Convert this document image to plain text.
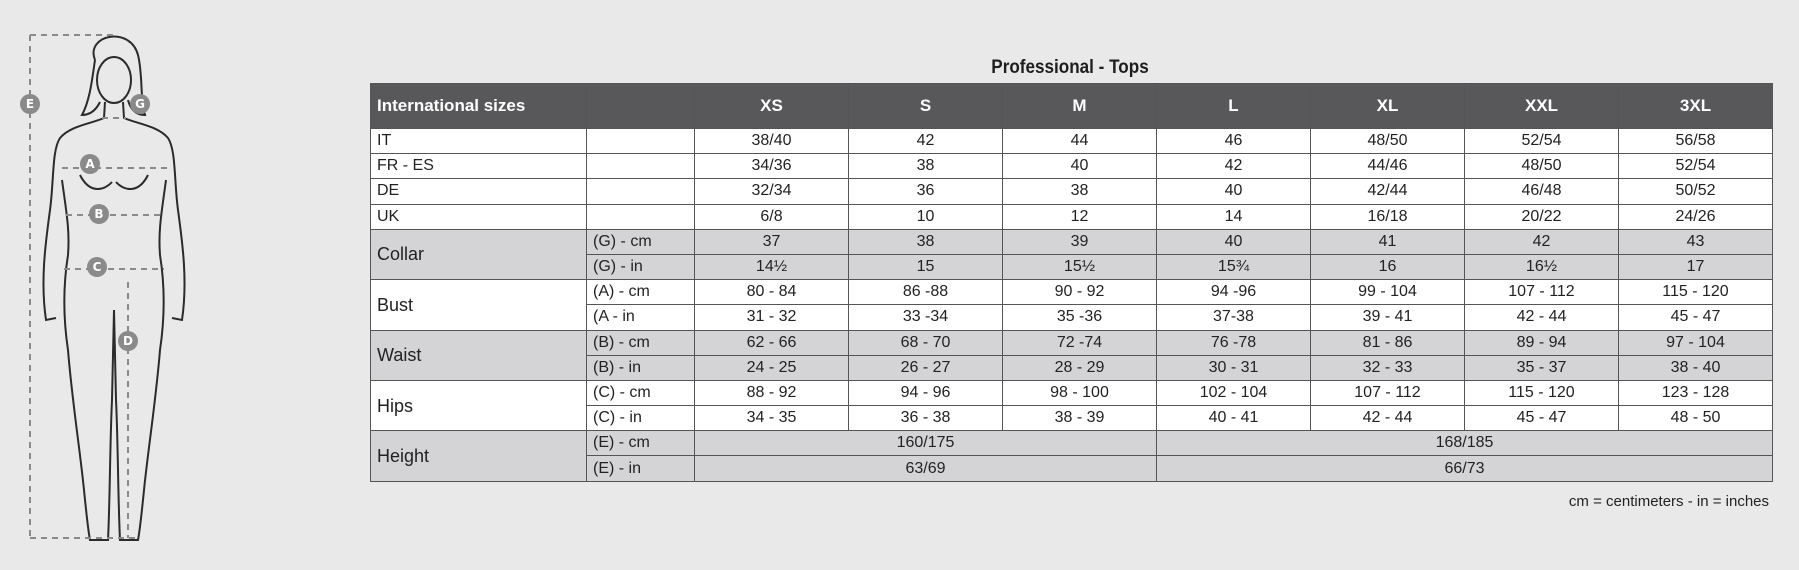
E	G
A
B
C
D
Professional - Tops
International sizes		XS	S	M	L	XL	XXL	3XL
IT		38/40	42	44	46	48/50	52/54	56/58
FR - ES		34/36	38	40	42	44/46	48/50	52/54
DE		32/34	36	38	40	42/44	46/48	50/52
UK		6/8	10	12	14	16/18	20/22	24/26
Collar	(G) - cm	37	38	39	40	41	42	43
	(G) - in	14½	15	15½	15¾	16	16½	17
Bust	(A) - cm	80 - 84	86 -88	90 - 92	94 -96	99 - 104	107 - 112	115 - 120
	(A - in	31 - 32	33 -34	35 -36	37-38	39 - 41	42 - 44	45 - 47
Waist	(B) - cm	62 - 66	68 - 70	72 -74	76 -78	81 - 86	89 - 94	97 - 104
	(B) - in	24 - 25	26 - 27	28 - 29	30 - 31	32 - 33	35 - 37	38 - 40
Hips	(C) - cm	88 - 92	94 - 96	98 - 100	102 - 104	107 - 112	115 - 120	123 - 128
	(C) - in	34 - 35	36 - 38	38 - 39	40 - 41	42 - 44	45 - 47	48 - 50
Height	(E) - cm	160/175			168/185			
	(E) - in	63/69			66/73			
cm = centimeters - in = inches
